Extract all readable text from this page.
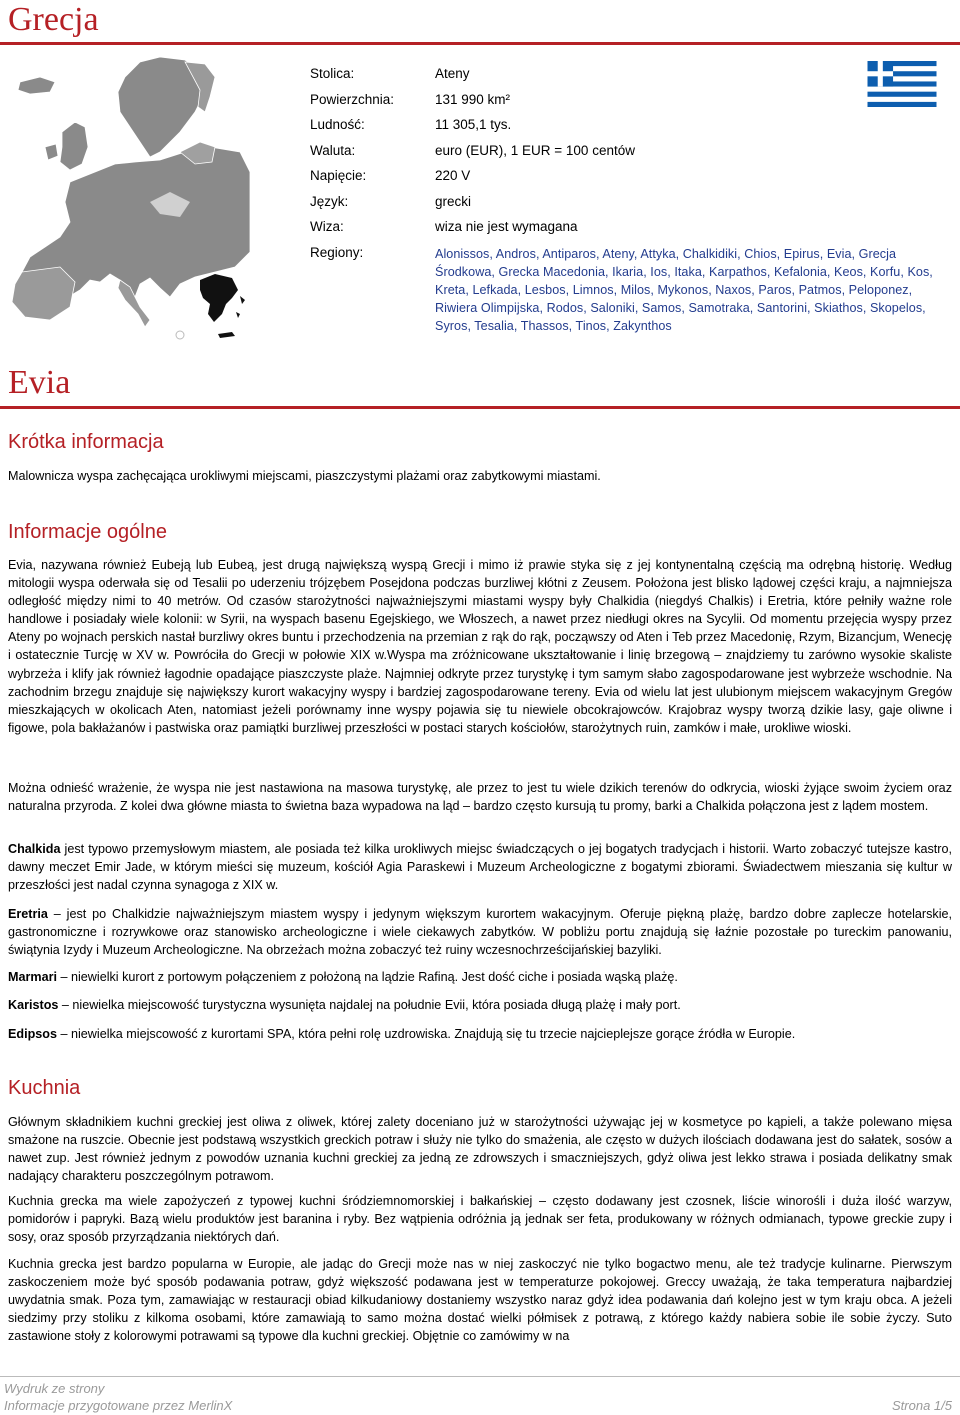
Grecja
Stolica:	Ateny
Powierzchnia:	131 990 km²
Ludność:	11 305,1 tys.
Waluta:	euro (EUR), 1 EUR = 100 centów
Napięcie:	220 V
Język:	grecki
Wiza:	wiza nie jest wymagana
Regiony:	Alonissos, Andros, Antiparos, Ateny, Attyka, Chalkidiki, Chios, Epirus, Evia, Grecja Środkowa, Grecka Macedonia, Ikaria, Ios, Itaka, Karpathos, Kefalonia, Keos, Korfu, Kos, Kreta, Lefkada, Lesbos, Limnos, Milos, Mykonos, Naxos, Paros, Patmos, Peloponez, Riwiera Olimpijska, Rodos, Saloniki, Samos, Samotraka, Santorini, Skiathos, Skopelos, Syros, Tesalia, Thassos, Tinos, Zakynthos
Evia
Krótka informacja
Malownicza wyspa zachęcająca urokliwymi miejscami, piaszczystymi plażami oraz zabytkowymi miastami.
Informacje ogólne
Evia, nazywana również Eubeją lub Eubeą, jest drugą największą wyspą Grecji i mimo iż prawie styka się z jej kontynentalną częścią ma odrębną historię. Według mitologii wyspa oderwała się od Tesalii po uderzeniu trójzębem Posejdona podczas burzliwej kłótni z Zeusem. Położona jest blisko lądowej części kraju, a najmniejsza odległość między nimi to 40 metrów. Od czasów starożytności najważniejszymi miastami wyspy były Chalkidia (niegdyś Chalkis) i Eretria, które pełniły ważne role handlowe i posiadały wiele kolonii: w Syrii, na wyspach basenu Egejskiego, we Włoszech, a nawet przez niedługi okres na Sycylii. Od momentu przejęcia wyspy przez Ateny po wojnach perskich nastał burzliwy okres buntu i przechodzenia na przemian z rąk do rąk, począwszy od Aten i Teb przez Macedonię, Rzym, Bizancjum, Wenecję i ostatecznie Turcję w XV w. Powróciła do Grecji w połowie XIX w.Wyspa ma zróżnicowane ukształtowanie i linię brzegową – znajdziemy tu zarówno wysokie skaliste wybrzeża i klify jak również łagodnie opadające piaszczyste plaże. Najmniej odkryte przez turystykę i tym samym słabo zagospodarowane jest wybrzeże wschodnie. Na zachodnim brzegu znajduje się największy kurort wakacyjny wyspy i bardziej zagospodarowane tereny. Evia od wielu lat jest ulubionym miejscem wakacyjnym Gregów mieszkających w okolicach Aten, natomiast jeżeli porównamy inne wyspy pojawia się tu niewiele obcokrajowców. Krajobraz wyspy tworzą dzikie lasy, gaje oliwne i figowe, pola bakłażanów i pastwiska oraz pamiątki burzliwej przeszłości w postaci starych kościołów, starożytnych ruin, zamków i małe, urokliwe wioski.
Można odnieść wrażenie, że wyspa nie jest nastawiona na masowa turystykę, ale przez to jest tu wiele dzikich terenów do odkrycia, wioski żyjące swoim życiem oraz naturalna przyroda. Z kolei dwa główne miasta to świetna baza wypadowa na ląd – bardzo często kursują tu promy, barki a Chalkida połączona jest z lądem mostem.
Chalkida jest typowo przemysłowym miastem, ale posiada też kilka urokliwych miejsc świadczących o jej bogatych tradycjach i historii. Warto zobaczyć tutejsze kastro, dawny meczet Emir Jade, w którym mieści się muzeum, kościół Agia Paraskewi i Muzeum Archeologiczne z bogatymi zbiorami. Świadectwem mieszania się kultur w przeszłości jest nadal czynna synagoga z XIX w.
Eretria – jest po Chalkidzie najważniejszym miastem wyspy i jedynym większym kurortem wakacyjnym. Oferuje piękną plażę, bardzo dobre zaplecze hotelarskie, gastronomiczne i rozrywkowe oraz stanowisko archeologiczne i wiele ciekawych zabytków. W pobliżu portu znajdują się łaźnie pozostałe po tureckim panowaniu, świątynia Izydy i Muzeum Archeologiczne. Na obrzeżach można zobaczyć też ruiny wczesnochrześcijańskiej bazyliki.
Marmari – niewielki kurort z portowym połączeniem z położoną na lądzie Rafiną. Jest dość ciche i posiada wąską plażę.
Karistos – niewielka miejscowość turystyczna wysunięta najdalej na południe Evii, która posiada długą plażę i mały port.
Edipsos – niewielka miejscowość z kurortami SPA, która pełni rolę uzdrowiska. Znajdują się tu trzecie najcieplejsze gorące źródła w Europie.
Kuchnia
Głównym składnikiem kuchni greckiej jest oliwa z oliwek, której zalety doceniano już w starożytności używając jej w kosmetyce po kąpieli, a także polewano mięsa smażone na ruszcie. Obecnie jest podstawą wszystkich greckich potraw i służy nie tylko do smażenia, ale często w dużych ilościach dodawana jest do sałatek, sosów a nawet zup. Jest również jednym z powodów uznania kuchni greckiej za jedną ze zdrowszych i smaczniejszych, gdyż oliwa jest lekko strawa i posiada delikatny smak nadający charakteru poszczególnym potrawom.
Kuchnia grecka ma wiele zapożyczeń z typowej kuchni śródziemnomorskiej i bałkańskiej – często dodawany jest czosnek, liście winorośli i duża ilość warzyw, pomidorów i papryki. Bazą wielu produktów jest baranina i ryby. Bez wątpienia odróżnia ją jednak ser feta, produkowany w różnych odmianach, typowe greckie zupy i sosy, oraz sposób przyrządzania niektórych dań.
Kuchnia grecka jest bardzo popularna w Europie, ale jadąc do Grecji może nas w niej zaskoczyć nie tylko bogactwo menu, ale też tradycje kulinarne. Pierwszym zaskoczeniem może być sposób podawania potraw, gdyż większość podawana jest w temperaturze pokojowej. Greccy uważają, że taka temperatura najbardziej uwydatnia smak. Poza tym, zamawiając w restauracji obiad kilkudaniowy dostaniemy wszystko naraz gdyż idea podawania dań kolejno jest w tym kraju obca. A jeżeli siedzimy przy stoliku z kilkoma osobami, które zamawiają to samo można dostać wielki półmisek z potrawą, z którego każdy nabiera sobie ile sobie życzy. Suto zastawione stoły z kolorowymi potrawami są typowe dla kuchni greckiej. Objętnie co zamówimy w na
Wydruk ze strony
Informacje przygotowane przez MerlinX	Strona 1/5
